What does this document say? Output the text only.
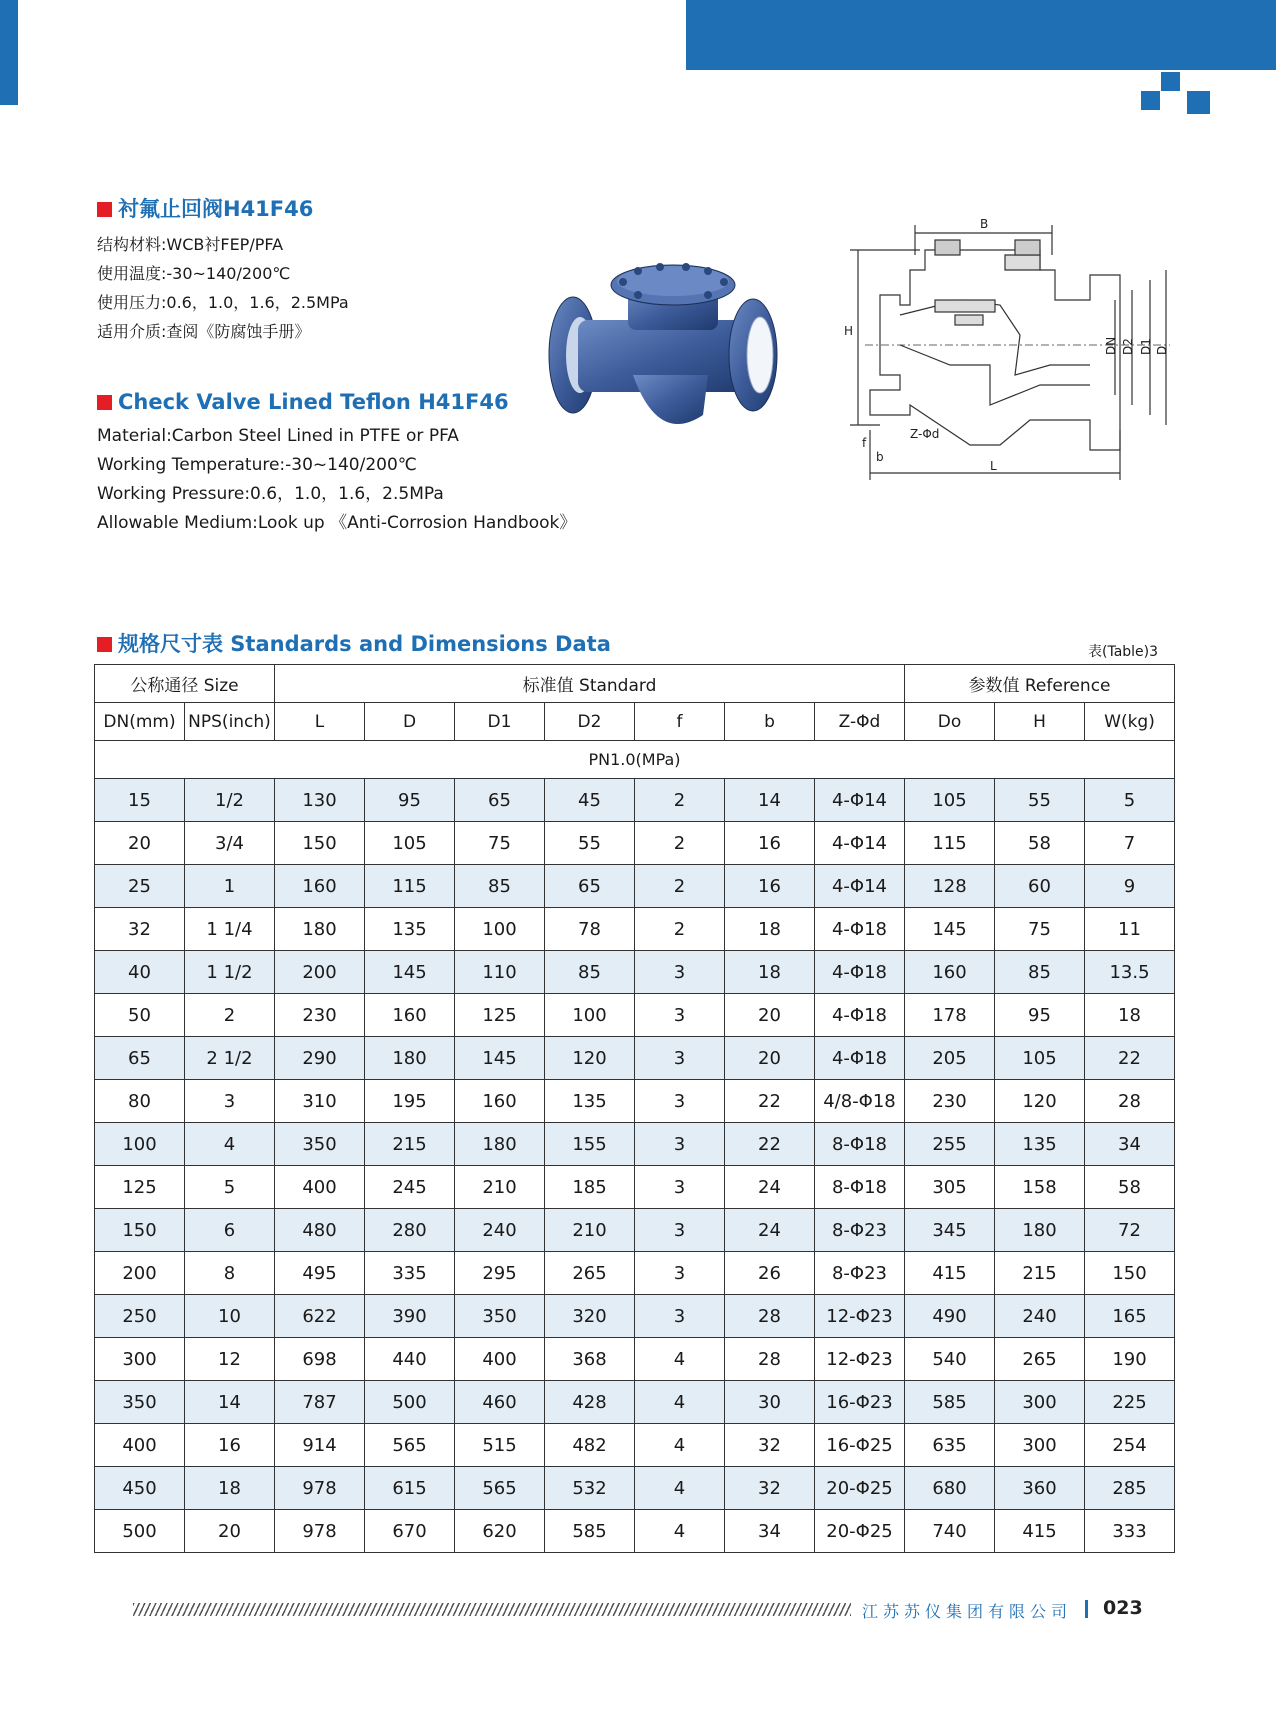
衬氟止回阀H41F46
结构材料:WCB衬FEP/PFA
使用温度:-30~140/200℃
使用压力:0.6，1.0，1.6，2.5MPa
适用介质:查阅《防腐蚀手册》
Check Valve Lined Teflon H41F46
Material:Carbon Steel Lined in PTFE or PFA
Working Temperature:-30~140/200℃
Working Pressure:0.6，1.0，1.6，2.5MPa
Allowable Medium:Look up 《Anti-Corrosion Handbook》
B
H
DN D2 D1 D
Z-Φd
f
b
L
规格尺寸表 Standards and Dimensions Data	表(Table)3
公称通径 Size		标准值 Standard							参数值 Reference		
DN(mm)	NPS(inch)	L	D	D1	D2	f	b	Z-Φd	Do	H	W(kg)
PN1.0(MPa)											
15	1/2	130	95	65	45	2	14	4-Φ14	105	55	5
20	3/4	150	105	75	55	2	16	4-Φ14	115	58	7
25	1	160	115	85	65	2	16	4-Φ14	128	60	9
32	1 1/4	180	135	100	78	2	18	4-Φ18	145	75	11
40	1 1/2	200	145	110	85	3	18	4-Φ18	160	85	13.5
50	2	230	160	125	100	3	20	4-Φ18	178	95	18
65	2 1/2	290	180	145	120	3	20	4-Φ18	205	105	22
80	3	310	195	160	135	3	22	4/8-Φ18	230	120	28
100	4	350	215	180	155	3	22	8-Φ18	255	135	34
125	5	400	245	210	185	3	24	8-Φ18	305	158	58
150	6	480	280	240	210	3	24	8-Φ23	345	180	72
200	8	495	335	295	265	3	26	8-Φ23	415	215	150
250	10	622	390	350	320	3	28	12-Φ23	490	240	165
300	12	698	440	400	368	4	28	12-Φ23	540	265	190
350	14	787	500	460	428	4	30	16-Φ23	585	300	225
400	16	914	565	515	482	4	32	16-Φ25	635	300	254
450	18	978	615	565	532	4	32	20-Φ25	680	360	285
500	20	978	670	620	585	4	34	20-Φ25	740	415	333
江苏苏仪集团有限公司 023
